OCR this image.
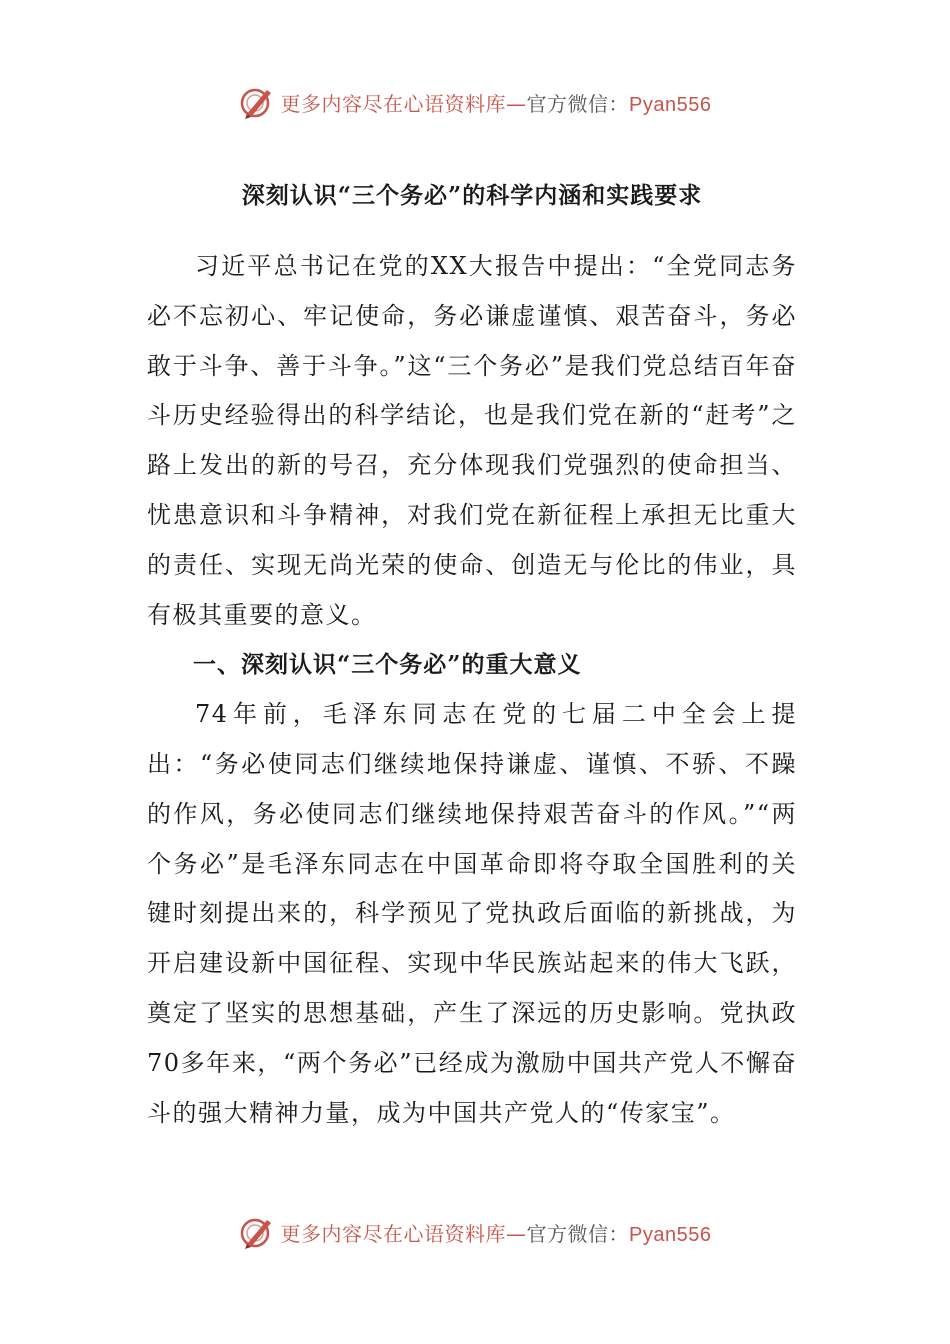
更多内容尽在心语资料库—官方微信：Pyan556
深刻认识“三个务必”的科学内涵和实践要求

习近平总书记在党的XX大报告中提出：“全党同志务必不忘初心、牢记使命，务必谦虚谨慎、艰苦奋斗，务必敢于斗争、善于斗争。”这“三个务必”是我们党总结百年奋斗历史经验得出的科学结论，也是我们党在新的“赶考”之路上发出的新的号召，充分体现我们党强烈的使命担当、忧患意识和斗争精神，对我们党在新征程上承担无比重大的责任、实现无尚光荣的使命、创造无与伦比的伟业，具有极其重要的意义。

一、深刻认识“三个务必”的重大意义

74年前，毛泽东同志在党的七届二中全会上提出：“务必使同志们继续地保持谦虚、谨慎、不骄、不躁的作风，务必使同志们继续地保持艰苦奋斗的作风。”“两个务必”是毛泽东同志在中国革命即将夺取全国胜利的关键时刻提出来的，科学预见了党执政后面临的新挑战，为开启建设新中国征程、实现中华民族站起来的伟大飞跃，奠定了坚实的思想基础，产生了深远的历史影响。党执政70多年来，“两个务必”已经成为激励中国共产党人不懈奋斗的强大精神力量，成为中国共产党人的“传家宝”。

更多内容尽在心语资料库—官方微信：Pyan556
